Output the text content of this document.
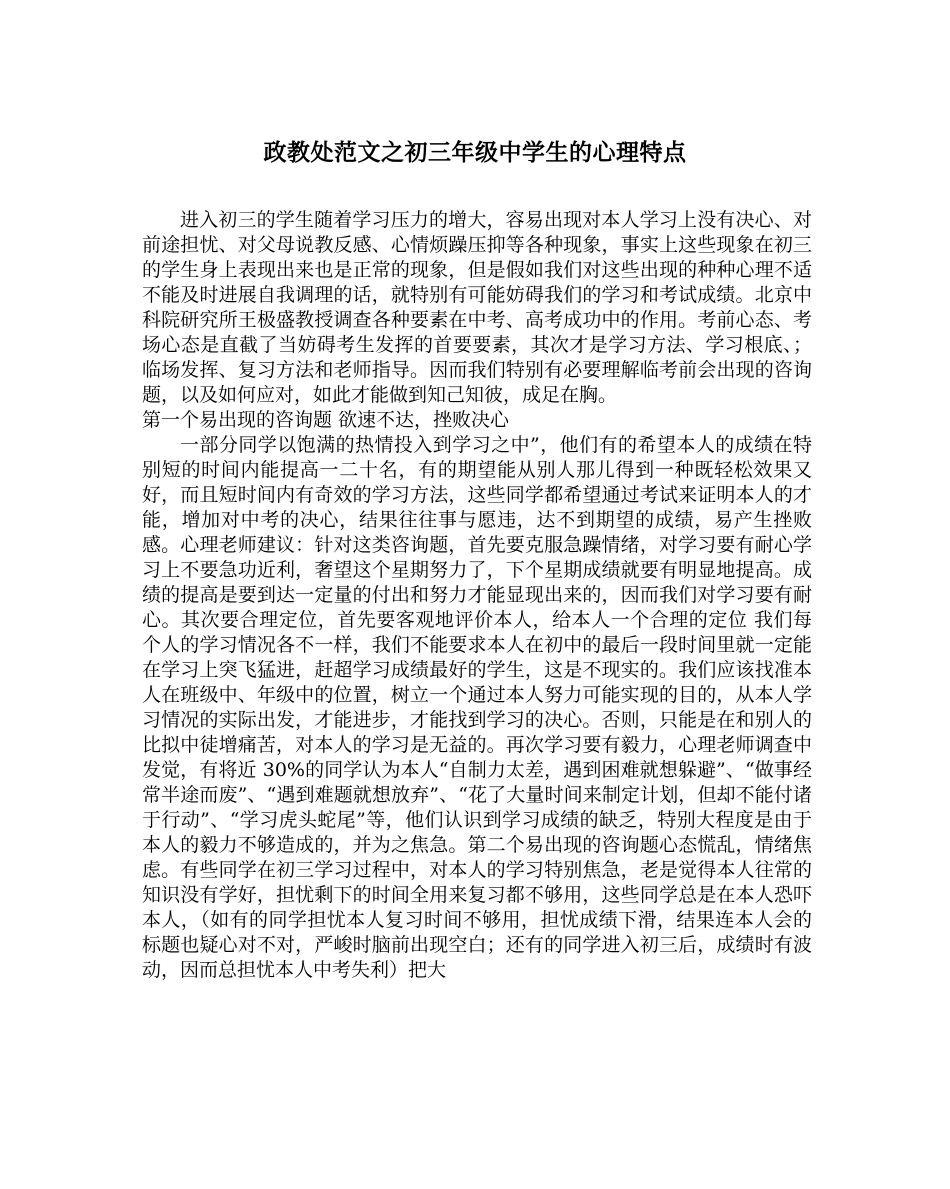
政教处范文之初三年级中学生的心理特点

进入初三的学生随着学习压力的增大，容易出现对本人学习上没有决心、对前途担忧、对父母说教反感、心情烦躁压抑等各种现象，事实上这些现象在初三的学生身上表现出来也是正常的现象，但是假如我们对这些出现的种种心理不适不能及时进展自我调理的话，就特别有可能妨碍我们的学习和考试成绩。北京中科院研究所王极盛教授调查各种要素在中考、高考成功中的作用。考前心态、考场心态是直截了当妨碍考生发挥的首要要素，其次才是学习方法、学习根底、；临场发挥、复习方法和老师指导。因而我们特别有必要理解临考前会出现的咨询题，以及如何应对，如此才能做到知己知彼，成足在胸。

第一个易出现的咨询题 欲速不达，挫败决心

一部分同学以饱满的热情投入到学习之中”，他们有的希望本人的成绩在特别短的时间内能提高一二十名，有的期望能从别人那儿得到一种既轻松效果又好，而且短时间内有奇效的学习方法，这些同学都希望通过考试来证明本人的才能，增加对中考的决心，结果往往事与愿违，达不到期望的成绩，易产生挫败感。心理老师建议：针对这类咨询题，首先要克服急躁情绪，对学习要有耐心学习上不要急功近利，奢望这个星期努力了，下个星期成绩就要有明显地提高。成绩的提高是要到达一定量的付出和努力才能显现出来的，因而我们对学习要有耐心。其次要合理定位，首先要客观地评价本人，给本人一个合理的定位 我们每个人的学习情况各不一样，我们不能要求本人在初中的最后一段时间里就一定能在学习上突飞猛进，赶超学习成绩最好的学生，这是不现实的。我们应该找准本人在班级中、年级中的位置，树立一个通过本人努力可能实现的目的，从本人学习情况的实际出发，才能进步，才能找到学习的决心。否则，只能是在和别人的比拟中徒增痛苦，对本人的学习是无益的。再次学习要有毅力，心理老师调查中发觉，有将近 30%的同学认为本人“自制力太差，遇到困难就想躲避”、“做事经常半途而废”、“遇到难题就想放弃”、“花了大量时间来制定计划，但却不能付诸于行动”、“学习虎头蛇尾”等，他们认识到学习成绩的缺乏，特别大程度是由于本人的毅力不够造成的，并为之焦急。第二个易出现的咨询题心态慌乱，情绪焦虑。有些同学在初三学习过程中，对本人的学习特别焦急，老是觉得本人往常的知识没有学好，担忧剩下的时间全用来复习都不够用，这些同学总是在本人恐吓本人，（如有的同学担忧本人复习时间不够用，担忧成绩下滑，结果连本人会的标题也疑心对不对，严峻时脑前出现空白；还有的同学进入初三后，成绩时有波动，因而总担忧本人中考失利）把大
